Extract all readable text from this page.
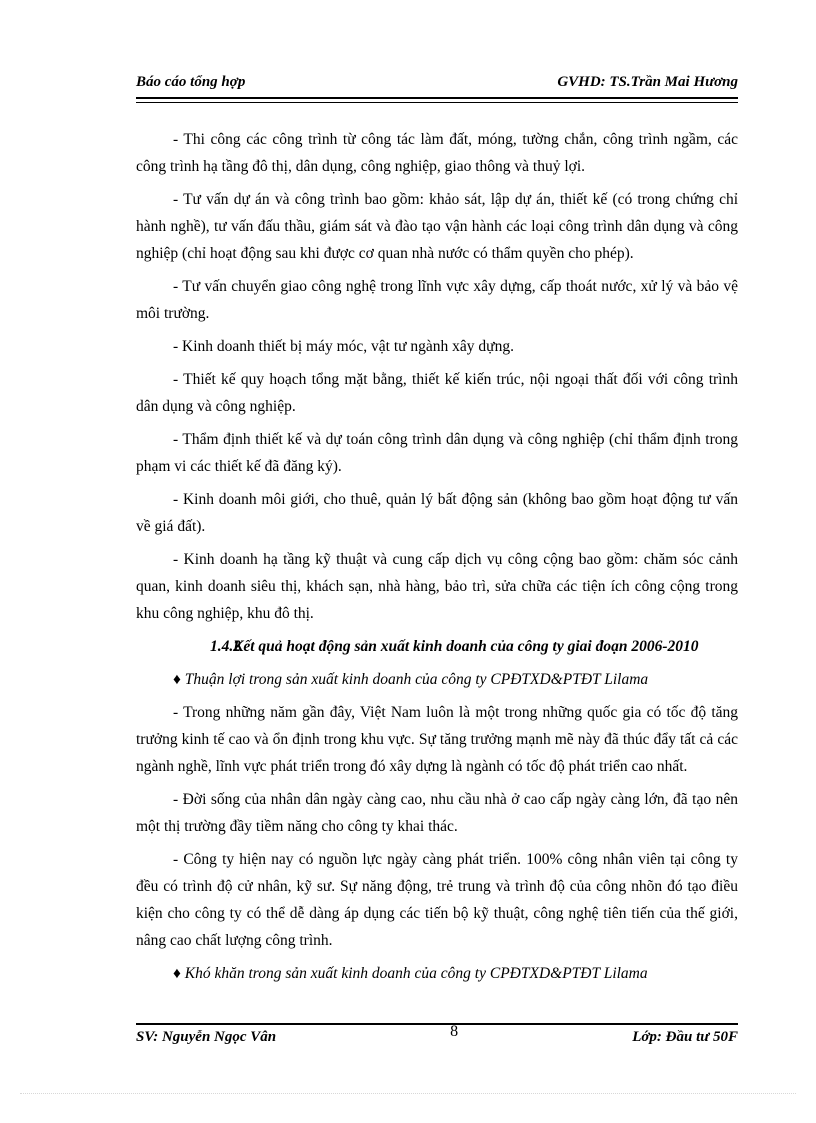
Báo cáo tổng hợp	GVHD: TS.Trần Mai Hương

- Thi công các công trình từ công tác làm đất, móng, tường chắn, công trình ngầm, các công trình hạ tầng đô thị, dân dụng, công nghiệp, giao thông và thuỷ lợi.

- Tư vấn dự án và công trình bao gồm: khảo sát, lập dự án, thiết kế (có trong chứng chỉ hành nghề), tư vấn đấu thầu, giám sát và đào tạo vận hành các loại công trình dân dụng và công nghiệp (chỉ hoạt động sau khi được cơ quan nhà nước có thẩm quyền cho phép).

- Tư vấn chuyển giao công nghệ trong lĩnh vực xây dựng, cấp thoát nước, xử lý và bảo vệ môi trường.

- Kinh doanh thiết bị máy móc, vật tư ngành xây dựng.

- Thiết kế quy hoạch tổng mặt bằng, thiết kế kiến trúc, nội ngoại thất đối với công trình dân dụng và công nghiệp.

- Thẩm định thiết kế và dự toán công trình dân dụng và công nghiệp (chỉ thẩm định trong phạm vi các thiết kế đã đăng ký).

- Kinh doanh môi giới, cho thuê, quản lý bất động sản (không bao gồm hoạt động tư vấn về giá đất).

- Kinh doanh hạ tầng kỹ thuật và cung cấp dịch vụ công cộng bao gồm: chăm sóc cảnh quan, kinh doanh siêu thị, khách sạn, nhà hàng, bảo trì, sửa chữa các tiện ích công cộng trong khu công nghiệp, khu đô thị.

1.4.2Kết quả hoạt động sản xuất kinh doanh của công ty giai đoạn 2006-2010

♦ Thuận lợi trong sản xuất kinh doanh của công ty CPĐTXD&PTĐT Lilama

- Trong những năm gần đây, Việt Nam luôn là một trong những quốc gia có tốc độ tăng trưởng kinh tế cao và ổn định trong khu vực. Sự tăng trưởng mạnh mẽ này đã thúc đẩy tất cả các ngành nghề, lĩnh vực phát triển trong đó xây dựng là ngành có tốc độ phát triển cao nhất.

- Đời sống của nhân dân ngày càng cao, nhu cầu nhà ở cao cấp ngày càng lớn, đã tạo nên một thị trường đầy tiềm năng cho công ty khai thác.

- Công ty hiện nay có nguồn lực ngày càng phát triển. 100% công nhân viên tại công ty đều có trình độ cử nhân, kỹ sư. Sự năng động, trẻ trung và trình độ của công nhõn đó tạo điều kiện cho công ty có thể dễ dàng áp dụng các tiến bộ kỹ thuật, công nghệ tiên tiến của thế giới, nâng cao chất lượng công trình.

♦ Khó khăn trong sản xuất kinh doanh của công ty CPĐTXD&PTĐT Lilama

SV: Nguyễn Ngọc Vân	8	Lớp: Đầu tư 50F
